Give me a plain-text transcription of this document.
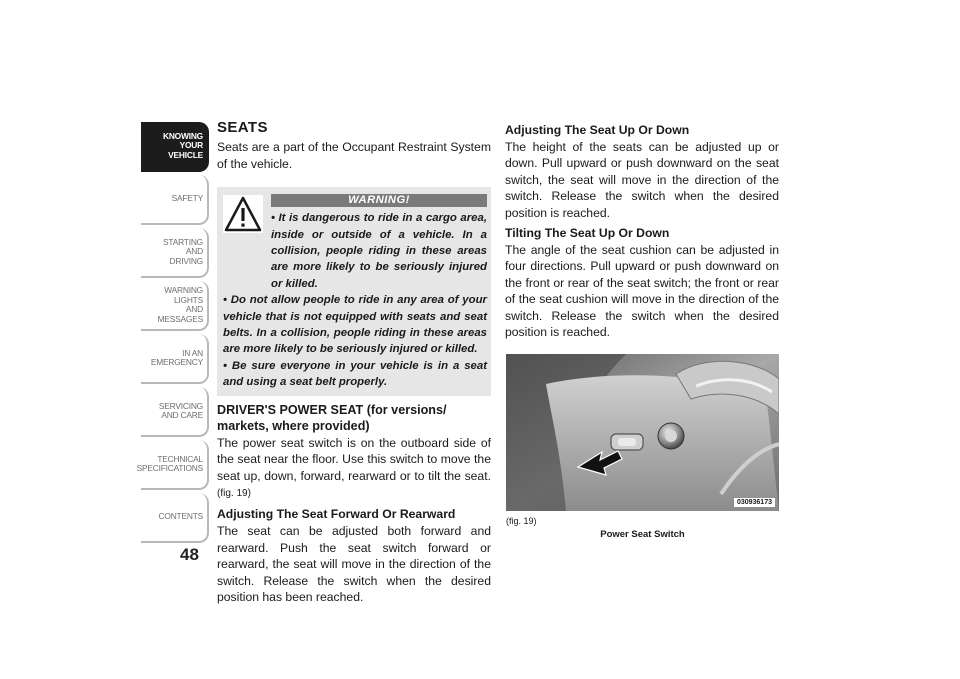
KNOWING
YOUR
VEHICLE
SAFETY
STARTING
AND
DRIVING
WARNING
LIGHTS
AND
MESSAGES
IN AN
EMERGENCY
SERVICING
AND CARE
TECHNICAL
SPECIFICATIONS
CONTENTS
48
SEATS

Seats are a part of the Occupant Restraint System of the vehicle.

WARNING!
• It is dangerous to ride in a cargo area, inside or outside of a vehicle. In a collision, people riding in these areas are more likely to be seriously injured or killed.
• Do not allow people to ride in any area of your vehicle that is not equipped with seats and seat belts. In a collision, people riding in these areas are more likely to be seriously injured or killed.
• Be sure everyone in your vehicle is in a seat and using a seat belt properly.
DRIVER'S POWER SEAT (for versions/ markets, where provided)

The power seat switch is on the outboard side of the seat near the floor. Use this switch to move the seat up, down, forward, rearward or to tilt the seat. (fig. 19)

Adjusting The Seat Forward Or Rearward

The seat can be adjusted both forward and rearward. Push the seat switch forward or rearward, the seat will move in the direction of the switch. Release the switch when the desired position has been reached.

Adjusting The Seat Up Or Down

The height of the seats can be adjusted up or down. Pull upward or push downward on the seat switch, the seat will move in the direction of the switch. Release the switch when the desired position is reached.

Tilting The Seat Up Or Down

The angle of the seat cushion can be adjusted in four directions. Pull upward or push downward on the front or rear of the seat switch; the front or rear of the seat cushion will move in the direction of the switch. Release the switch when the desired position is reached.

030936173
(fig. 19)
Power Seat Switch
